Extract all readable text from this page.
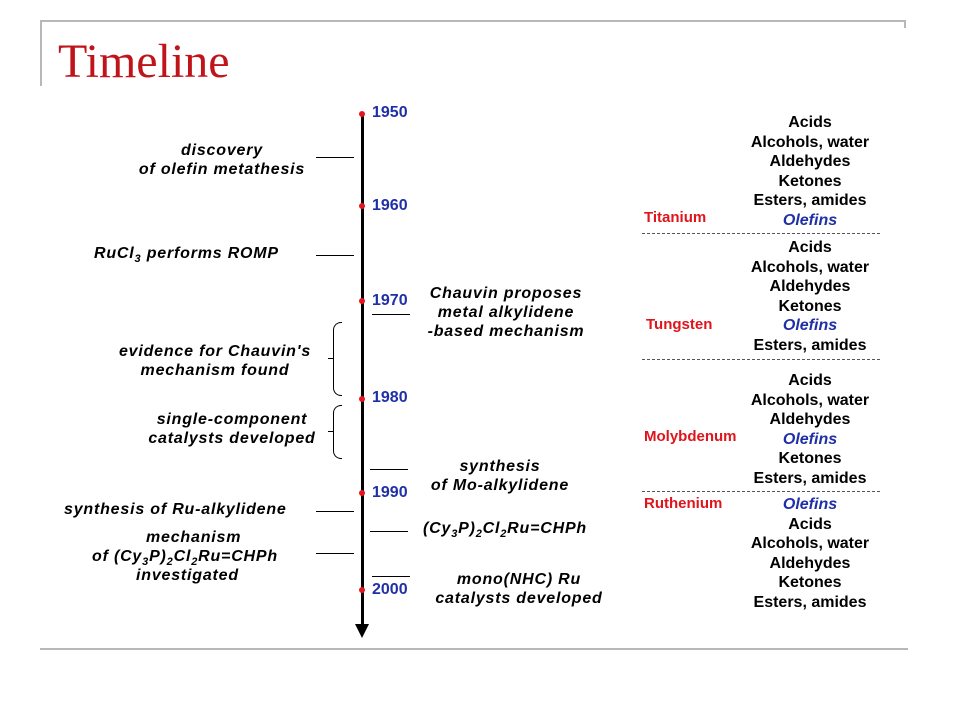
Timeline
1950
1960
1970
1980
1990
2000
discovery
of olefin metathesis
RuCl$_3$ performs ROMP
evidence for Chauvin's
mechanism found
single-component
catalysts developed
synthesis of Ru-alkylidene
mechanism
of $(Cy_3P)_2Cl_2Ru=CHPh$
investigated
Chauvin proposes
metal alkylidene
-based mechanism
synthesis
of Mo-alkylidene
$(Cy_3P)_2Cl_2Ru=CHPh$
mono(NHC) Ru
catalysts developed
Acids
Alcohols, water
Aldehydes
Ketones
Esters, amides
Olefins
Titanium
Acids
Alcohols, water
Aldehydes
Ketones
Olefins
Esters, amides
Tungsten
Acids
Alcohols, water
Aldehydes
Olefins
Ketones
Esters, amides
Molybdenum
Olefins
Acids
Alcohols, water
Aldehydes
Ketones
Esters, amides
Ruthenium
